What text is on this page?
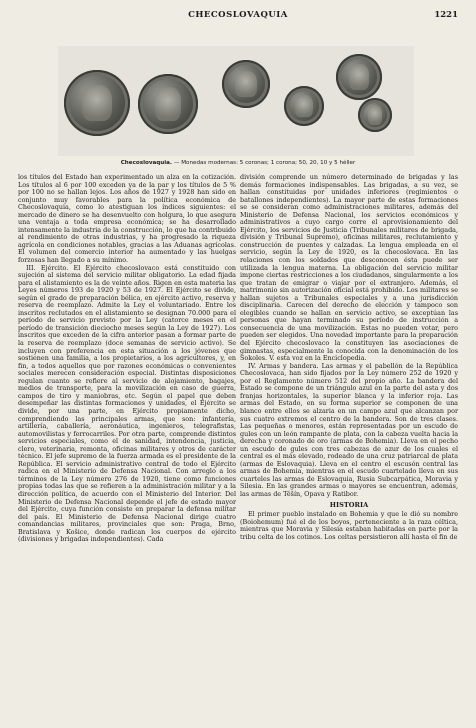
CHECOSLOVAQUIA	1221
Checoslovaquia. — Monedas modernas: 5 coronas; 1 corona; 50, 20, 10 y 5 héller

los títulos del Estado han experimentado un alza en la cotización. Los títulos al 6 por 100 exceden ya de la par y los títulos de 5 % por 100 no se hallan lejos. Los años de 1927 y 1928 han sido en conjunto muy favorables para la política económica de Checoslovaquia, como lo atestiguan los índices siguientes: el mercado de dinero se ha desenvuelto con holgura, lo que asegura una ventaja a toda empresa económica; se ha desarrollado intensamente la industria de la construcción, lo que ha contribuido al rendimiento de otras industrias, y ha progresado la riqueza agrícola en condiciones notables, gracias a las Aduanas agrícolas. El volumen del comercio interior ha aumentado y las huelgas forzosas han llegado a su mínimo.

III. Ejército. El Ejército checoslovaco está constituido con sujeción al sistema del servicio militar obligatorio. La edad fijada para el alistamiento es la de veinte años. Rigen en esta materia las Leyes números 193 de 1920 y 53 de 1927. El Ejército se divide, según el grado de preparación bélica, en ejército activo, reserva y reserva de reemplazo. Admite la Ley el voluntariado. Entre los inscritos reclutados en el alistamiento se designan 70.000 para el período de servicio previsto por la Ley (catorce meses en el período de transición dieciocho meses según la Ley de 1927). Los inscritos que exceden de la cifra anterior pasan a formar parte de la reserva de reemplazo (doce semanas de servicio activo). Se incluyen con preferencia en esta situación a los jóvenes que sostienen una familia, a los propietarios, a los agricultores, y, en fin, a todos aquellos que por razones económicas o convenientes sociales merecen consideración especial. Distintas disposiciones regulan cuanto se refiere al servicio de alojamiento, bagajes, medios de transporte, para la movilización en caso de guerra, campos de tiro y maniobras, etc. Según el papel que deben desempeñar las distintas formaciones y unidades, el Ejército se divide, por una parte, en Ejército propiamente dicho, comprendiendo las principales armas, que son: infantería, artillería, caballería, aeronáutica, ingenieros, telegrafistas, automovilistas y ferrocarriles. Por otra parte, comprende distintos servicios especiales, como el de sanidad, intendencia, justicia, clero, veterinaria, remonta, oficinas militares y otros de carácter técnico. El jefe supremo de la fuerza armada es el presidente de la República. El servicio administrativo central de todo el Ejército radica en el Ministerio de Defensa Nacional. Con arreglo a los términos de la Ley número 276 de 1920, tiene como funciones propias todas las que se refieren a la administración militar y a la dirección política, de acuerdo con el Ministerio del Interior. Del Ministerio de Defensa Nacional depende el jefe de estado mayor del Ejército, cuya función consiste en preparar la defensa militar del país. El Ministerio de Defensa Nacional dirige cuatro comandancias militares, provinciales que son: Praga, Brno, Bratislava y Košice, donde radican los cuerpos de ejército (divisiones y brigadas independientes). Cada

división comprende un número determinado de brigadas y las demás formaciones indispensables. Las brigadas, a su vez, se hallan constituidas por unidades inferiores (regimientos o batallones independientes). La mayor parte de estas formaciones se se consideran como administraciones militares, además del Ministerio de Defensa Nacional, los servicios económicos y administrativos a cuyo cargo corre el aprovisionamiento del Ejército, los servicios de Justicia (Tribunales militares de brigada, división y Tribunal Supremo), oficinas militares, reclutamiento y construcción de puentes y calzadas. La lengua empleada en el servicio, según la Ley de 1920, es la checoslovaca. En las relaciones con los soldados que desconocen ésta puede ser utilizada la lengua materna. La obligación del servicio militar impone ciertas restricciones a los ciudadanos, singularmente a los que tratan de emigrar o viajar por el extranjero. Además, el matrimonio sin autorización oficial está prohibido. Los militares se hallan sujetos a Tribunales especiales y a una jurisdicción disciplinaria. Carecen del derecho de elección y tampoco son elegibles cuando se hallan en servicio activo, se exceptúan las personas que hayan terminado su período de instrucción a consecuencia de una movilización. Estas no pueden votar, pero pueden ser elegidos. Una novedad importante para la preparación del Ejército checoslovaco la constituyen las asociaciones de gimnastas, especialmente la conocida con la denominación de los Sokoles. V. esta voz en la Enciclopedia.

IV. Armas y bandera. Las armas y el pabellón de la República Checoslovaca, han sido fijados por la Ley número 252 de 1920 y por el Reglamento número 512 del propio año. La bandera del Estado se compone de un triángulo azul en la parte del asta y dos franjas horizontales, la superior blanca y la inferior roja. Las armas del Estado, en su forma superior se componen de una blanco entre ellos se alzaria en un campo azul que alcanzan por sus cuatro extremos el centro de la bandera. Son de tres clases. Las pequeñas o menores, están representadas por un escudo de gules con un león rampante de plata, con la cabeza vuelta hacia la derecha y coronado de oro (armas de Bohemia). Lleva en el pecho un escudo de gules con tres cabezas de azur de los cuales el central es el más elevado, rodeado de una cruz patriarcal de plata (armas de Eslovaquia). Lleva en el centro el escusón central las armas de Bohemia, mientras en el escudo cuartelado lleva en sus cuarteles las armas de Eslovaquia, Rusia Subcarpática, Moravia y Silesia. En las grandes armas o mayores se encuentran, además, las armas de Těšín, Opava y Ratibor.

HISTORIA

El primer pueblo instalado en Bohemia y que le dió su nombre (Boiohemum) fué el de los boyos, perteneciente a la raza céltica, mientras que Moravia y Silesia estaban habitadas en parte por la tribu celta de los cotinos. Los celtas persistieron allí hasta el fin de
